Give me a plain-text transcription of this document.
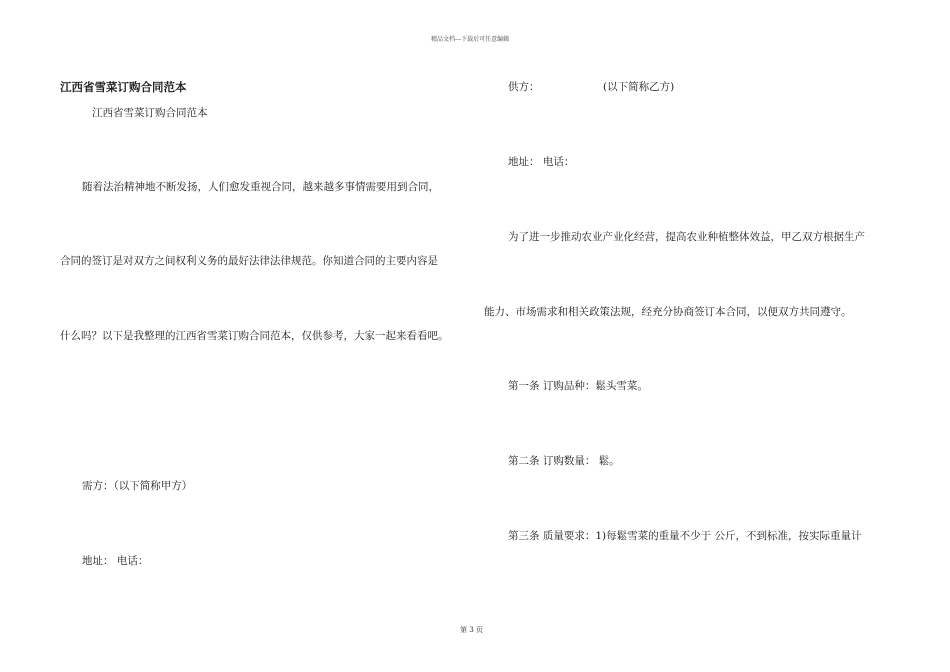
精品文档---下载后可任意编辑
江西省雪菜订购合同范本
江西省雪菜订购合同范本
随着法治精神地不断发扬，人们愈发重视合同，越来越多事情需要用到合同，
合同的签订是对双方之间权利义务的最好法律法律规范。你知道合同的主要内容是
什么吗？以下是我整理的江西省雪菜订购合同范本，仅供参考，大家一起来看看吧。
需方：（以下简称甲方）
地址： 电话：
供方：	(以下简称乙方)
地址： 电话：
为了进一步推动农业产业化经营，提高农业种植整体效益，甲乙双方根据生产
能力、市场需求和相关政策法规，经充分协商签订本合同，以便双方共同遵守。
第一条 订购品种：鬆头雪菜。
第二条 订购数量： 鬆。
第三条 质量要求：1)每鬆雪菜的重量不少于 公斤，不到标准，按实际重量计
第 3 页
